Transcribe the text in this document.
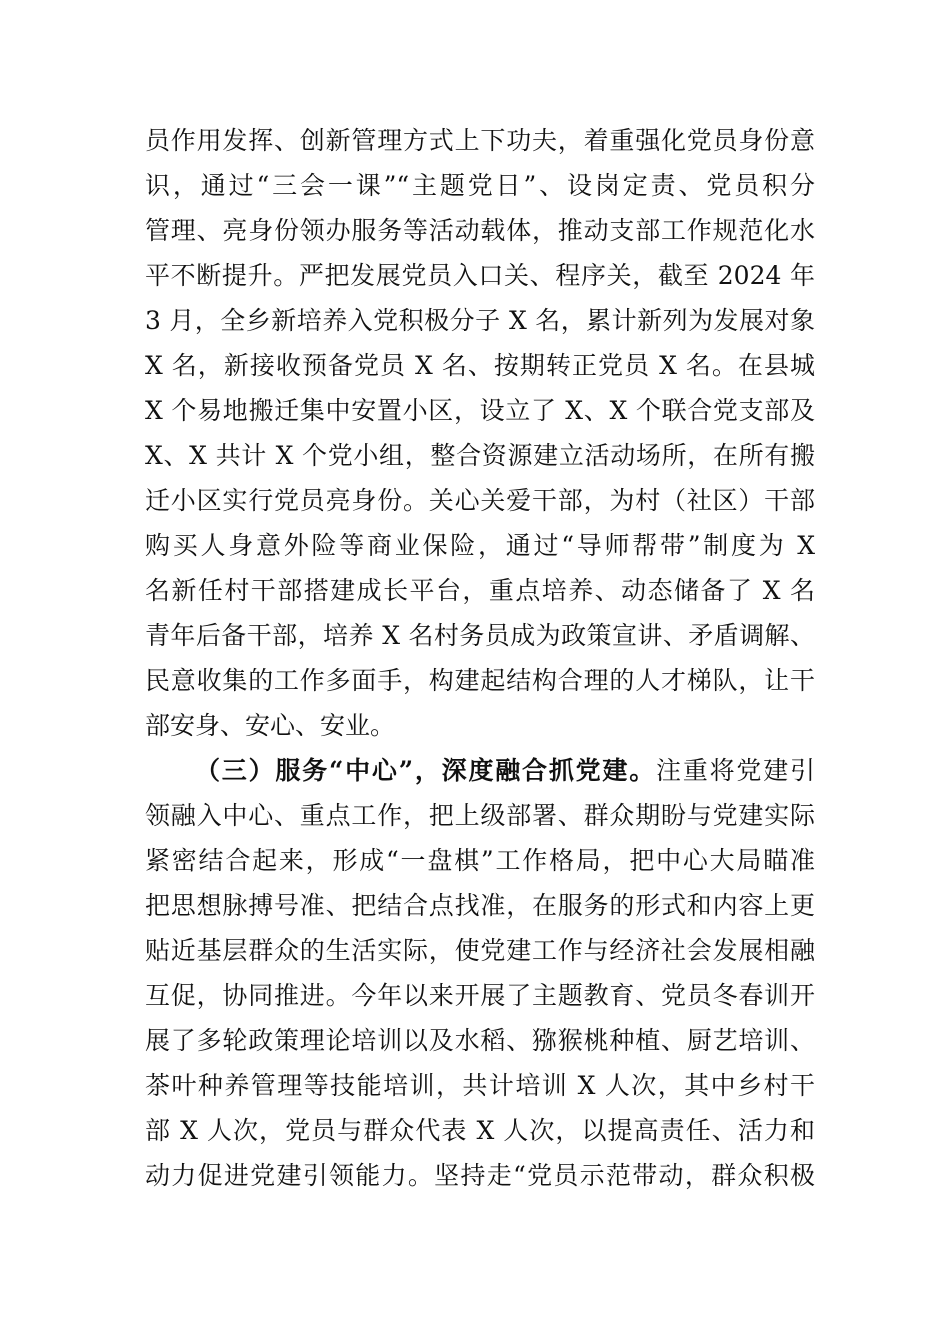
员作用发挥、创新管理方式上下功夫，着重强化党员身份意
识，通过“三会一课”“主题党日”、设岗定责、党员积分
管理、亮身份领办服务等活动载体，推动支部工作规范化水
平不断提升。严把发展党员入口关、程序关，截至 2024 年
3 月，全乡新培养入党积极分子 X 名，累计新列为发展对象
X 名，新接收预备党员 X 名、按期转正党员 X 名。在县城
X 个易地搬迁集中安置小区，设立了 X、X 个联合党支部及
X、X 共计 X 个党小组，整合资源建立活动场所，在所有搬
迁小区实行党员亮身份。关心关爱干部，为村（社区）干部
购买人身意外险等商业保险，通过“导师帮带”制度为 X
名新任村干部搭建成长平台，重点培养、动态储备了 X 名
青年后备干部，培养 X 名村务员成为政策宣讲、矛盾调解、
民意收集的工作多面手，构建起结构合理的人才梯队，让干
部安身、安心、安业。
（三）服务“中心”，深度融合抓党建。注重将党建引
领融入中心、重点工作，把上级部署、群众期盼与党建实际
紧密结合起来，形成“一盘棋”工作格局，把中心大局瞄准
把思想脉搏号准、把结合点找准，在服务的形式和内容上更
贴近基层群众的生活实际，使党建工作与经济社会发展相融
互促，协同推进。今年以来开展了主题教育、党员冬春训开
展了多轮政策理论培训以及水稻、猕猴桃种植、厨艺培训、
茶叶种养管理等技能培训，共计培训 X 人次，其中乡村干
部 X 人次，党员与群众代表 X 人次，以提高责任、活力和
动力促进党建引领能力。坚持走“党员示范带动，群众积极
